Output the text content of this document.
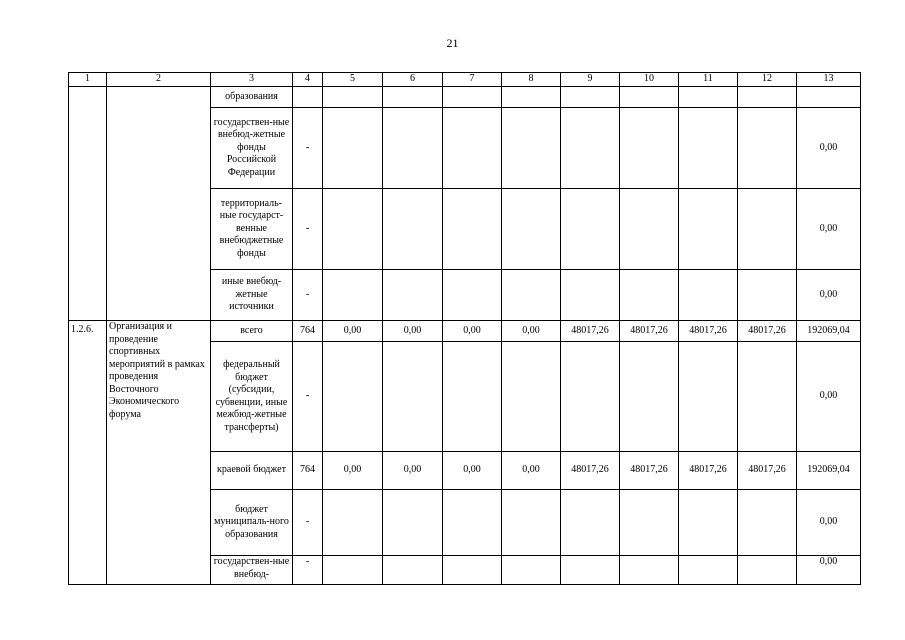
21
1	2	3	4	5	6	7	8	9	10	11	12	13
		образования										
		государствен-ные внебюд-жетные фонды Российской Федерации	-									0,00
		территориаль-ные государст-венные внебюджетные фонды	-									0,00
		иные внебюд-жетные источники	-									0,00
1.2.6.	Организация и проведение спортивных мероприятий в рамках проведения Восточного Экономического форума	всего	764	0,00	0,00	0,00	0,00	48017,26	48017,26	48017,26	48017,26	192069,04
		федеральный бюджет (субсидии, субвенции, иные межбюд-жетные трансферты)	-									0,00
		краевой бюджет	764	0,00	0,00	0,00	0,00	48017,26	48017,26	48017,26	48017,26	192069,04
		бюджет муниципаль-ного образования	-									0,00
		государствен-ные внебюд-	-									0,00
